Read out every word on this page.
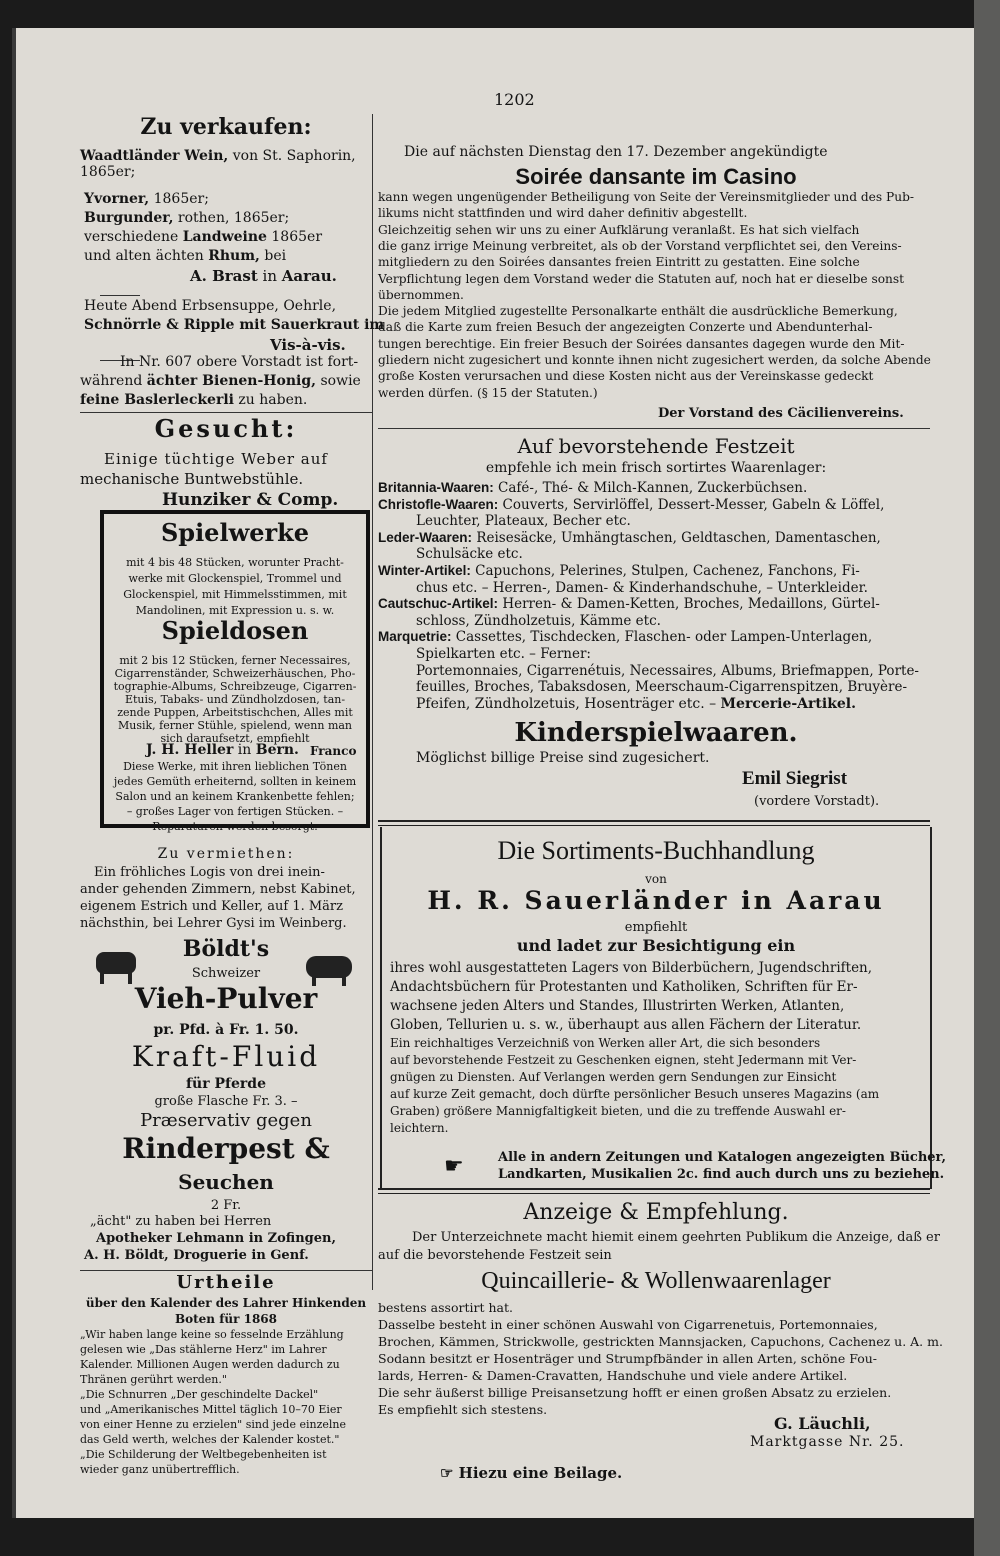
1202
Zu verkaufen:
Waadtländer Wein, von St. Saphorin, 1865er;
Yvorner, 1865er;
Burgunder, rothen, 1865er;
verschiedene Landweine 1865er
und alten ächten Rhum, bei
A. Brast in Aarau.
Heute Abend Erbsensuppe, Oehrle,
Schnörrle & Ripple mit Sauerkraut im
Vis-à-vis.
In Nr. 607 obere Vorstadt ist fort-
während ächter Bienen-Honig, sowie
feine Baslerleckerli zu haben.
Gesucht:
Einige tüchtige Weber auf
mechanische Buntwebstühle.
Hunziker & Comp.
Spielwerke
mit 4 bis 48 Stücken, worunter Pracht-
werke mit Glockenspiel, Trommel und
Glockenspiel, mit Himmelsstimmen, mit
Mandolinen, mit Expression u. s. w.
Spieldosen
mit 2 bis 12 Stücken, ferner Necessaires,
Cigarrenständer, Schweizerhäuschen, Pho-
tographie-Albums, Schreibzeuge, Cigarren-
Etuis, Tabaks- und Zündholzdosen, tan-
zende Puppen, Arbeitstischchen, Alles mit
Musik, ferner Stühle, spielend, wenn man
sich daraufsetzt, empfiehlt
J. H. Heller in Bern. Franco
Diese Werke, mit ihren lieblichen Tönen
jedes Gemüth erheiternd, sollten in keinem
Salon und an keinem Krankenbette fehlen;
– großes Lager von fertigen Stücken. –
Reparaturen werden besorgt.
Zu vermiethen:
Ein fröhliches Logis von drei inein-
ander gehenden Zimmern, nebst Kabinet,
eigenem Estrich und Keller, auf 1. März
nächsthin, bei Lehrer Gysi im Weinberg.
Böldt's
Schweizer
Vieh-Pulver
pr. Pfd. à Fr. 1. 50.
Kraft-Fluid
für Pferde
große Flasche Fr. 3. –
Præservativ gegen
Rinderpest &
Seuchen
2 Fr.
„ächt" zu haben bei Herren
Apotheker Lehmann in Zofingen,
A. H. Böldt, Droguerie in Genf.
Urtheile
über den Kalender des Lahrer Hinkenden
Boten für 1868
„Wir haben lange keine so fesselnde Erzählung
gelesen wie „Das stählerne Herz" im Lahrer
Kalender. Millionen Augen werden dadurch zu
Thränen gerührt werden."
„Die Schnurren „Der geschindelte Dackel"
und „Amerikanisches Mittel täglich 10–70 Eier
von einer Henne zu erzielen" sind jede einzelne
das Geld werth, welches der Kalender kostet."
„Die Schilderung der Weltbegebenheiten ist
wieder ganz unübertrefflich.
Die auf nächsten Dienstag den 17. Dezember angekündigte
Soirée dansante im Casino
kann wegen ungenügender Betheiligung von Seite der Vereinsmitglieder und des Pub-
likums nicht stattfinden und wird daher definitiv abgestellt.
Gleichzeitig sehen wir uns zu einer Aufklärung veranlaßt. Es hat sich vielfach
die ganz irrige Meinung verbreitet, als ob der Vorstand verpflichtet sei, den Vereins-
mitgliedern zu den Soirées dansantes freien Eintritt zu gestatten. Eine solche
Verpflichtung legen dem Vorstand weder die Statuten auf, noch hat er dieselbe sonst
übernommen.
Die jedem Mitglied zugestellte Personalkarte enthält die ausdrückliche Bemerkung,
daß die Karte zum freien Besuch der angezeigten Conzerte und Abendunterhal-
tungen berechtige. Ein freier Besuch der Soirées dansantes dagegen wurde den Mit-
gliedern nicht zugesichert und konnte ihnen nicht zugesichert werden, da solche Abende
große Kosten verursachen und diese Kosten nicht aus der Vereinskasse gedeckt
werden dürfen. (§ 15 der Statuten.)
Der Vorstand des Cäcilienvereins.
Auf bevorstehende Festzeit
empfehle ich mein frisch sortirtes Waarenlager:
Britannia-Waaren: Café-, Thé- & Milch-Kannen, Zuckerbüchsen.
Christofle-Waaren: Couverts, Servirlöffel, Dessert-Messer, Gabeln & Löffel,
Leuchter, Plateaux, Becher etc.
Leder-Waaren: Reisesäcke, Umhängtaschen, Geldtaschen, Damentaschen,
Schulsäcke etc.
Winter-Artikel: Capuchons, Pelerines, Stulpen, Cachenez, Fanchons, Fi-
chus etc. – Herren-, Damen- & Kinderhandschuhe, – Unterkleider.
Cautschuc-Artikel: Herren- & Damen-Ketten, Broches, Medaillons, Gürtel-
schloss, Zündholzetuis, Kämme etc.
Marquetrie: Cassettes, Tischdecken, Flaschen- oder Lampen-Unterlagen,
Spielkarten etc. – Ferner:
Portemonnaies, Cigarrenétuis, Necessaires, Albums, Briefmappen, Porte-
feuilles, Broches, Tabaksdosen, Meerschaum-Cigarrenspitzen, Bruyère-
Pfeifen, Zündholzetuis, Hosenträger etc. – Mercerie-Artikel.
Kinderspielwaaren.
Möglichst billige Preise sind zugesichert.
Emil Siegrist
(vordere Vorstadt).
Die Sortiments-Buchhandlung
von
H. R. Sauerländer in Aarau
empfiehlt
und ladet zur Besichtigung ein
ihres wohl ausgestatteten Lagers von Bilderbüchern, Jugendschriften,
Andachtsbüchern für Protestanten und Katholiken, Schriften für Er-
wachsene jeden Alters und Standes, Illustrirten Werken, Atlanten,
Globen, Tellurien u. s. w., überhaupt aus allen Fächern der Literatur.
Ein reichhaltiges Verzeichniß von Werken aller Art, die sich besonders
auf bevorstehende Festzeit zu Geschenken eignen, steht Jedermann mit Ver-
gnügen zu Diensten. Auf Verlangen werden gern Sendungen zur Einsicht
auf kurze Zeit gemacht, doch dürfte persönlicher Besuch unseres Magazins (am
Graben) größere Mannigfaltigkeit bieten, und die zu treffende Auswahl er-
leichtern.
☛	Alle in andern Zeitungen und Katalogen angezeigten Bücher,
Landkarten, Musikalien 2c. find auch durch uns zu beziehen.
Anzeige & Empfehlung.
Der Unterzeichnete macht hiemit einem geehrten Publikum die Anzeige, daß er
auf die bevorstehende Festzeit sein
Quincaillerie- & Wollenwaarenlager
bestens assortirt hat.
Dasselbe besteht in einer schönen Auswahl von Cigarrenetuis, Portemonnaies,
Brochen, Kämmen, Strickwolle, gestrickten Mannsjacken, Capuchons, Cachenez u. A. m.
Sodann besitzt er Hosenträger und Strumpfbänder in allen Arten, schöne Fou-
lards, Herren- & Damen-Cravatten, Handschuhe und viele andere Artikel.
Die sehr äußerst billige Preisansetzung hofft er einen großen Absatz zu erzielen.
Es empfiehlt sich stestens.
G. Läuchli,
Marktgasse Nr. 25.
☞ Hiezu eine Beilage.
